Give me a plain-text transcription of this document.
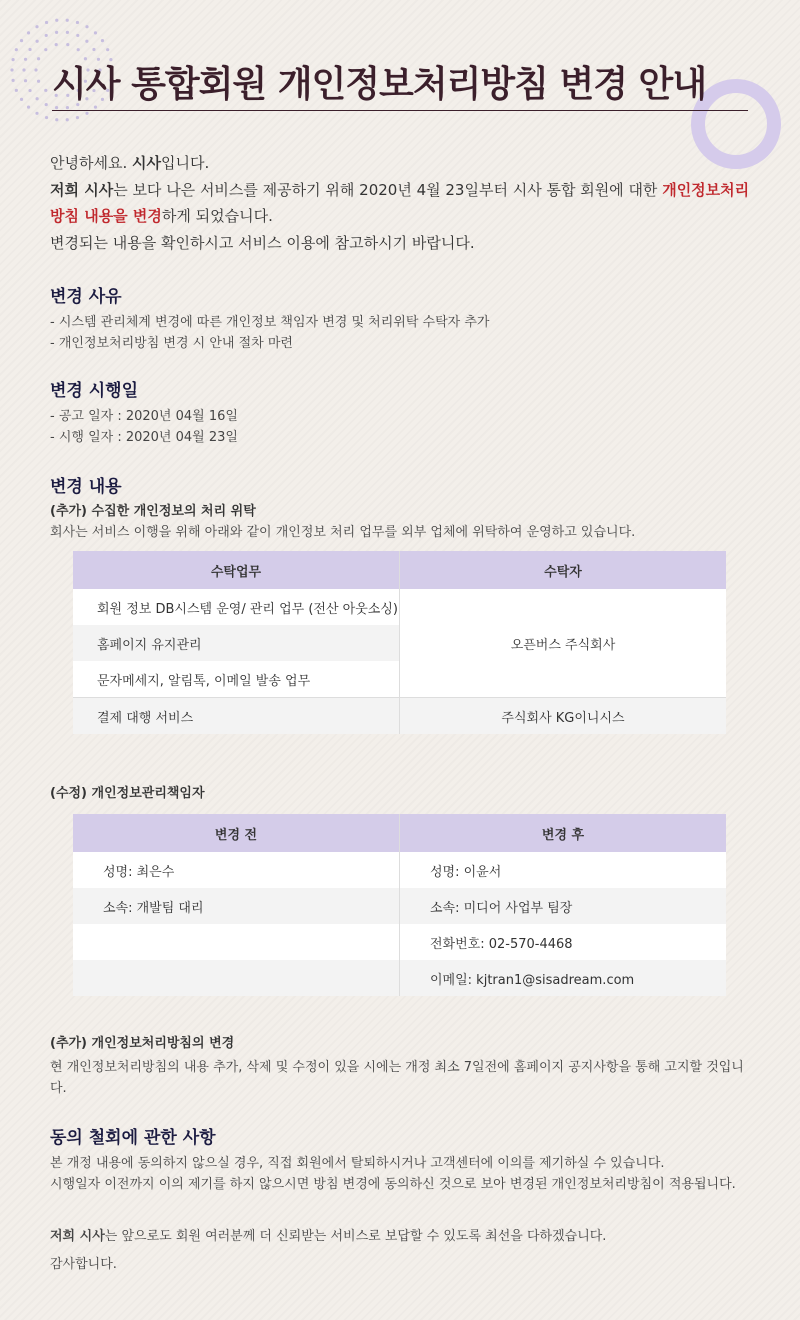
시사 통합회원 개인정보처리방침 변경 안내

안녕하세요. 시사입니다.

저희 시사는 보다 나은 서비스를 제공하기 위해 2020년 4월 23일부터 시사 통합 회원에 대한 개인정보처리방침 내용을 변경하게 되었습니다.

변경되는 내용을 확인하시고 서비스 이용에 참고하시기 바랍니다.

변경 사유
- 시스템 관리체계 변경에 따른 개인정보 책임자 변경 및 처리위탁 수탁자 추가
- 개인정보처리방침 변경 시 안내 절차 마련
변경 시행일
- 공고 일자 : 2020년 04월 16일
- 시행 일자 : 2020년 04월 23일
변경 내용

(추가) 수집한 개인정보의 처리 위탁

회사는 서비스 이행을 위해 아래와 같이 개인정보 처리 업무를 외부 업체에 위탁하여 운영하고 있습니다.

수탁업무	수탁자
회원 정보 DB시스템 운영/ 관리 업무 (전산 아웃소싱)	오픈버스 주식회사
홈페이지 유지관리	
문자메세지, 알림톡, 이메일 발송 업무	
결제 대행 서비스	주식회사 KG이니시스

(수정) 개인정보관리책임자

변경 전	변경 후
성명: 최은수	성명: 이윤서
소속: 개발팀 대리	소속: 미디어 사업부 팀장
	전화번호: 02-570-4468
	이메일: kjtran1@sisadream.com

(추가) 개인정보처리방침의 변경

현 개인정보처리방침의 내용 추가, 삭제 및 수정이 있을 시에는 개정 최소 7일전에 홈페이지 공지사항을 통해 고지할 것입니다.

동의 철회에 관한 사항

본 개정 내용에 동의하지 않으실 경우, 직접 회원에서 탈퇴하시거나 고객센터에 이의를 제기하실 수 있습니다.

시행일자 이전까지 이의 제기를 하지 않으시면 방침 변경에 동의하신 것으로 보아 변경된 개인정보처리방침이 적용됩니다.

저희 시사는 앞으로도 회원 여러분께 더 신뢰받는 서비스로 보답할 수 있도록 최선을 다하겠습니다.

감사합니다.
